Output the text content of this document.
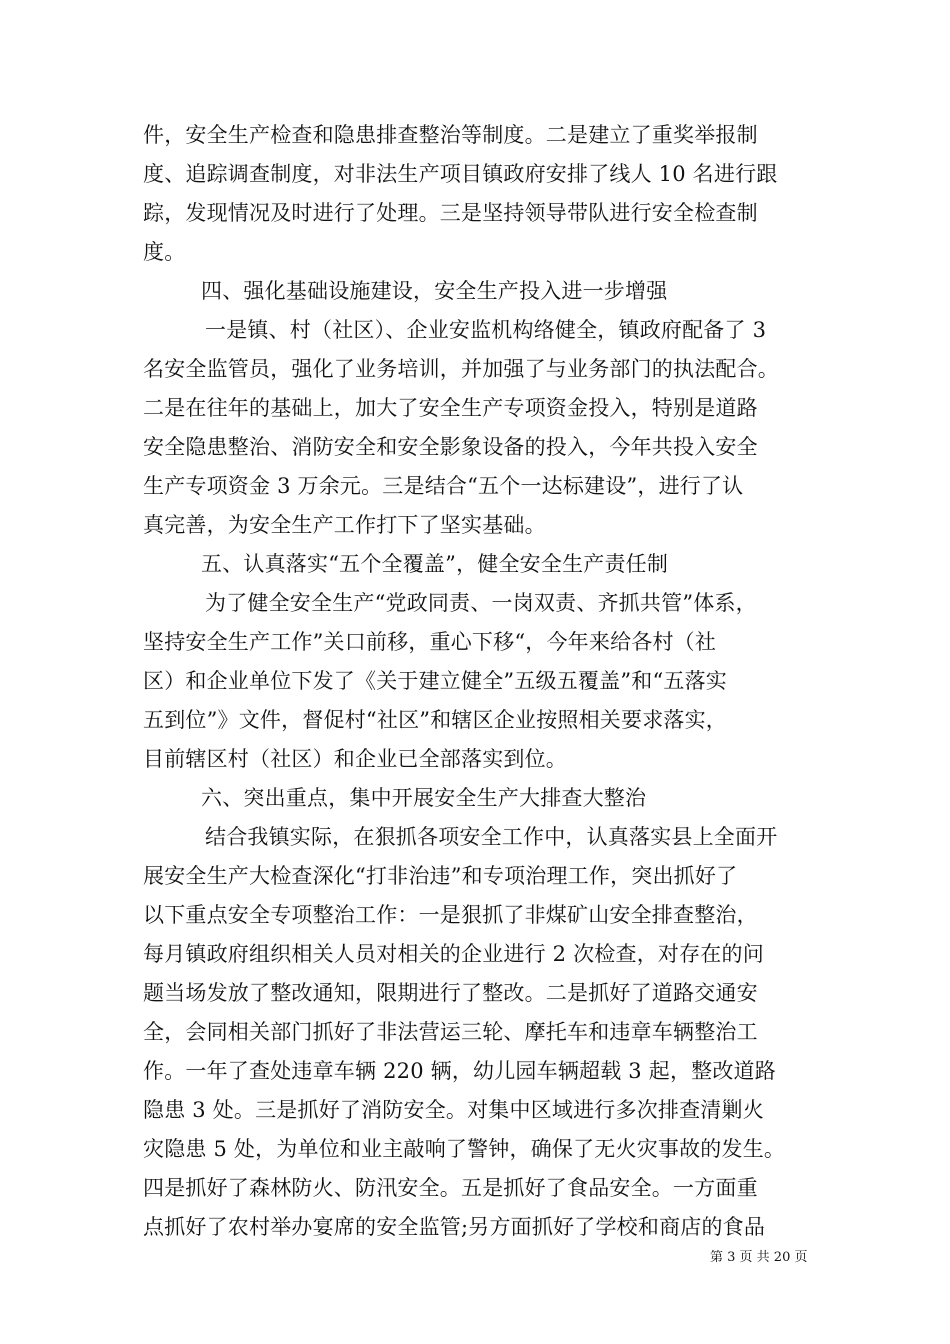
件，安全生产检查和隐患排查整治等制度。二是建立了重奖举报制
度、追踪调查制度，对非法生产项目镇政府安排了线人 10 名进行跟
踪，发现情况及时进行了处理。三是坚持领导带队进行安全检查制
度。
四、强化基础设施建设，安全生产投入进一步增强
一是镇、村（社区）、企业安监机构络健全，镇政府配备了 3
名安全监管员，强化了业务培训，并加强了与业务部门的执法配合。
二是在往年的基础上，加大了安全生产专项资金投入，特别是道路
安全隐患整治、消防安全和安全影象设备的投入，今年共投入安全
生产专项资金 3 万余元。三是结合“五个一达标建设”，进行了认
真完善，为安全生产工作打下了坚实基础。
五、认真落实“五个全覆盖”，健全安全生产责任制
为了健全安全生产“党政同责、一岗双责、齐抓共管”体系，
坚持安全生产工作”关口前移，重心下移“，今年来给各村（社
区）和企业单位下发了《关于建立健全”五级五覆盖”和“五落实
五到位”》文件，督促村“社区”和辖区企业按照相关要求落实，
目前辖区村（社区）和企业已全部落实到位。
六、突出重点，集中开展安全生产大排查大整治
结合我镇实际，在狠抓各项安全工作中，认真落实县上全面开
展安全生产大检查深化“打非治违”和专项治理工作，突出抓好了
以下重点安全专项整治工作：一是狠抓了非煤矿山安全排查整治，
每月镇政府组织相关人员对相关的企业进行 2 次检查，对存在的问
题当场发放了整改通知，限期进行了整改。二是抓好了道路交通安
全，会同相关部门抓好了非法营运三轮、摩托车和违章车辆整治工
作。一年了查处违章车辆 220 辆，幼儿园车辆超载 3 起，整改道路
隐患 3 处。三是抓好了消防安全。对集中区域进行多次排查清剿火
灾隐患 5 处，为单位和业主敲响了警钟，确保了无火灾事故的发生。
四是抓好了森林防火、防汛安全。五是抓好了食品安全。一方面重
点抓好了农村举办宴席的安全监管;另方面抓好了学校和商店的食品
第 3 页 共 20 页
